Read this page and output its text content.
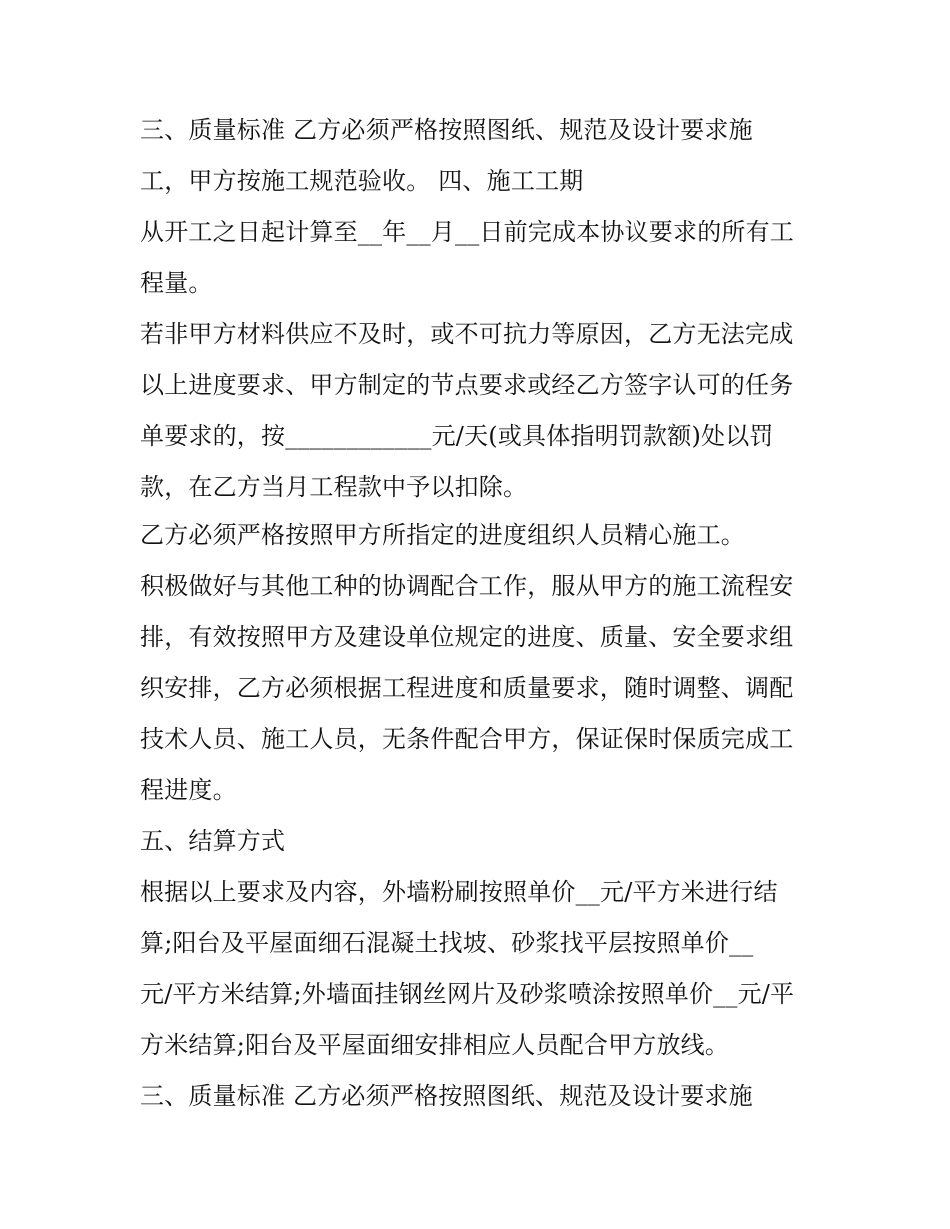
三、质量标准 乙方必须严格按照图纸、规范及设计要求施
工，甲方按施工规范验收。 四、施工工期
从开工之日起计算至__年__月__日前完成本协议要求的所有工
程量。
若非甲方材料供应不及时，或不可抗力等原因，乙方无法完成
以上进度要求、甲方制定的节点要求或经乙方签字认可的任务
单要求的，按____________元/天(或具体指明罚款额)处以罚
款，在乙方当月工程款中予以扣除。
乙方必须严格按照甲方所指定的进度组织人员精心施工。
积极做好与其他工种的协调配合工作，服从甲方的施工流程安
排，有效按照甲方及建设单位规定的进度、质量、安全要求组
织安排，乙方必须根据工程进度和质量要求，随时调整、调配
技术人员、施工人员，无条件配合甲方，保证保时保质完成工
程进度。
五、结算方式
根据以上要求及内容，外墙粉刷按照单价__元/平方米进行结
算;阳台及平屋面细石混凝土找坡、砂浆找平层按照单价__
元/平方米结算;外墙面挂钢丝网片及砂浆喷涂按照单价__元/平
方米结算;阳台及平屋面细安排相应人员配合甲方放线。
三、质量标准 乙方必须严格按照图纸、规范及设计要求施
